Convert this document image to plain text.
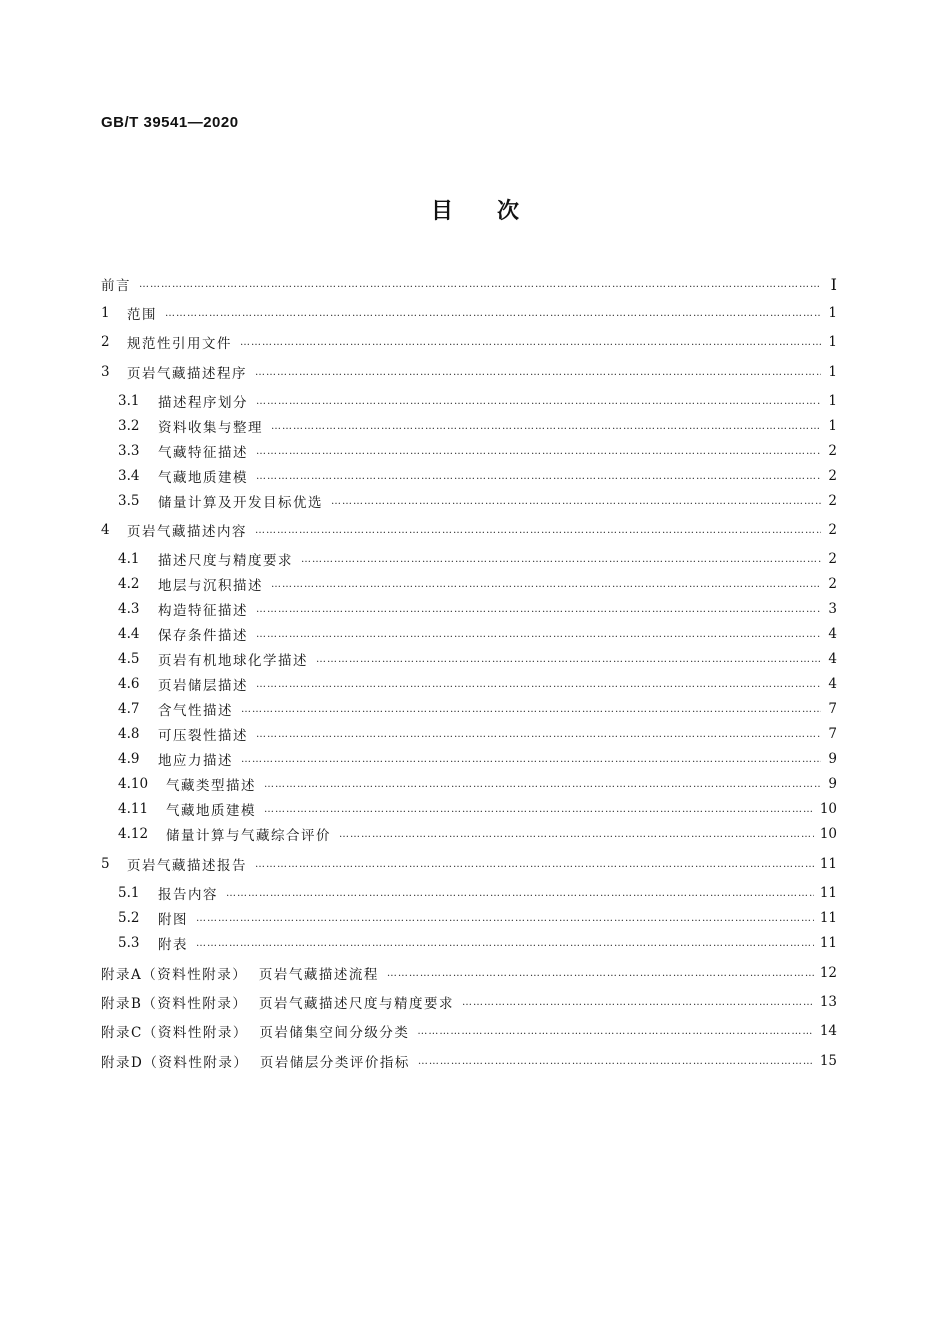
GB/T 39541—2020
目次
前言 ………………………………………………………………………………………………………………………………………………………………………………………………………………………………………………	I
1	范围 ………………………………………………………………………………………………………………………………………………………………………………………………………………………………………………	1
2	规范性引用文件 ………………………………………………………………………………………………………………………………………………………………………………………………………………………………………………	1
3	页岩气藏描述程序 ………………………………………………………………………………………………………………………………………………………………………………………………………………………………………………	1
3.1	描述程序划分 ………………………………………………………………………………………………………………………………………………………………………………………………………………………………………………	1
3.2	资料收集与整理 ………………………………………………………………………………………………………………………………………………………………………………………………………………………………………………	1
3.3	气藏特征描述 ………………………………………………………………………………………………………………………………………………………………………………………………………………………………………………	2
3.4	气藏地质建模 ………………………………………………………………………………………………………………………………………………………………………………………………………………………………………………	2
3.5	储量计算及开发目标优选 ………………………………………………………………………………………………………………………………………………………………………………………………………………………………………………	2
4	页岩气藏描述内容 ………………………………………………………………………………………………………………………………………………………………………………………………………………………………………………	2
4.1	描述尺度与精度要求 ………………………………………………………………………………………………………………………………………………………………………………………………………………………………………………	2
4.2	地层与沉积描述 ………………………………………………………………………………………………………………………………………………………………………………………………………………………………………………	2
4.3	构造特征描述 ………………………………………………………………………………………………………………………………………………………………………………………………………………………………………………	3
4.4	保存条件描述 ………………………………………………………………………………………………………………………………………………………………………………………………………………………………………………	4
4.5	页岩有机地球化学描述 ………………………………………………………………………………………………………………………………………………………………………………………………………………………………………………	4
4.6	页岩储层描述 ………………………………………………………………………………………………………………………………………………………………………………………………………………………………………………	4
4.7	含气性描述 ………………………………………………………………………………………………………………………………………………………………………………………………………………………………………………	7
4.8	可压裂性描述 ………………………………………………………………………………………………………………………………………………………………………………………………………………………………………………	7
4.9	地应力描述 ………………………………………………………………………………………………………………………………………………………………………………………………………………………………………………	9
4.10	气藏类型描述 ………………………………………………………………………………………………………………………………………………………………………………………………………………………………………………	9
4.11	气藏地质建模 ………………………………………………………………………………………………………………………………………………………………………………………………………………………………………………	10
4.12	储量计算与气藏综合评价 ………………………………………………………………………………………………………………………………………………………………………………………………………………………………………………	10
5	页岩气藏描述报告 ………………………………………………………………………………………………………………………………………………………………………………………………………………………………………………	11
5.1	报告内容 ………………………………………………………………………………………………………………………………………………………………………………………………………………………………………………	11
5.2	附图 ………………………………………………………………………………………………………………………………………………………………………………………………………………………………………………	11
5.3	附表 ………………………………………………………………………………………………………………………………………………………………………………………………………………………………………………	11
附录A（资料性附录）  页岩气藏描述流程 ………………………………………………………………………………………………………………………………………………………………………………………………………………………………………………	12
附录B（资料性附录）  页岩气藏描述尺度与精度要求 ………………………………………………………………………………………………………………………………………………………………………………………………………………………………………………	13
附录C（资料性附录）  页岩储集空间分级分类 ………………………………………………………………………………………………………………………………………………………………………………………………………………………………………………	14
附录D（资料性附录）  页岩储层分类评价指标 ………………………………………………………………………………………………………………………………………………………………………………………………………………………………………………	15
